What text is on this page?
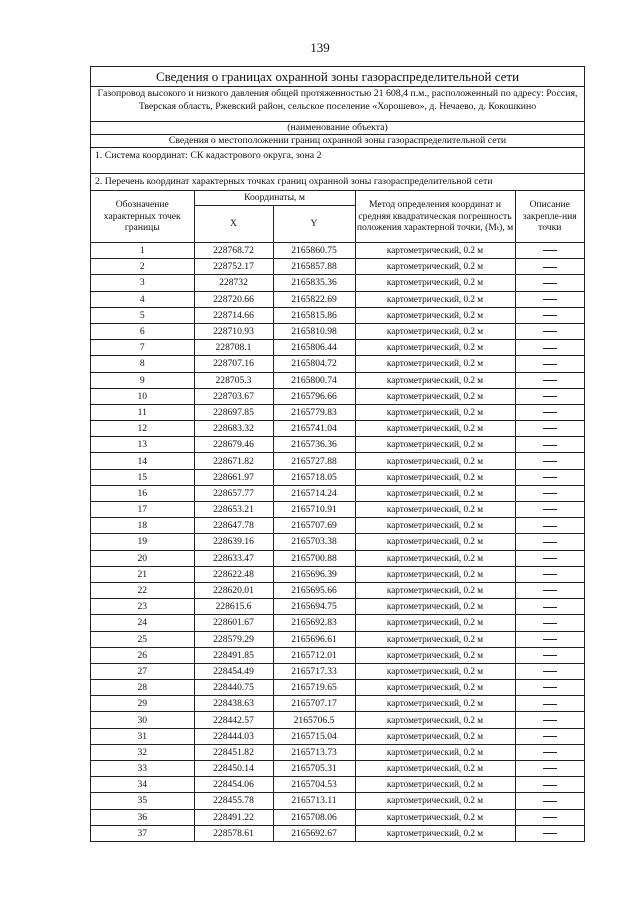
139
Сведения о границах охранной зоны газораспределительной сети
Газопровод высокого и низкого давления общей протяженностью 21 608,4 п.м., расположенный по адресу: Россия, Тверская область, Ржевский район, сельское поселение «Хорошево», д. Нечаево, д. Кокошкино
(наименование объекта)
Сведения о местоположении границ охранной зоны газораспределительной сети
1. Система координат: СК кадастрового округа, зона 2
2. Перечень координат характерных точках границ охранной зоны газораспределительной сети
Обозначение характерных точек границы	Координаты, м		Метод определения координат и средняя квадратическая погрешность положения характерной точки, (Mₜ), м	Описание закрепле-ния точки
	X	Y		
1	228768.72	2165860.75	картометрический, 0.2 м	
2	228752.17	2165857.88	картометрический, 0.2 м	
3	228732	2165835.36	картометрический, 0.2 м	
4	228720.66	2165822.69	картометрический, 0.2 м	
5	228714.66	2165815.86	картометрический, 0.2 м	
6	228710.93	2165810.98	картометрический, 0.2 м	
7	228708.1	2165806.44	картометрический, 0.2 м	
8	228707.16	2165804.72	картометрический, 0.2 м	
9	228705.3	2165800.74	картометрический, 0.2 м	
10	228703.67	2165796.66	картометрический, 0.2 м	
11	228697.85	2165779.83	картометрический, 0.2 м	
12	228683.32	2165741.04	картометрический, 0.2 м	
13	228679.46	2165736.36	картометрический, 0.2 м	
14	228671.82	2165727.88	картометрический, 0.2 м	
15	228661.97	2165718.05	картометрический, 0.2 м	
16	228657.77	2165714.24	картометрический, 0.2 м	
17	228653.21	2165710.91	картометрический, 0.2 м	
18	228647.78	2165707.69	картометрический, 0.2 м	
19	228639.16	2165703.38	картометрический, 0.2 м	
20	228633.47	2165700.88	картометрический, 0.2 м	
21	228622.48	2165696.39	картометрический, 0.2 м	
22	228620.01	2165695.66	картометрический, 0.2 м	
23	228615.6	2165694.75	картометрический, 0.2 м	
24	228601.67	2165692.83	картометрический, 0.2 м	
25	228579.29	2165696.61	картометрический, 0.2 м	
26	228491.85	2165712.01	картометрический, 0.2 м	
27	228454.49	2165717.33	картометрический, 0.2 м	
28	228440.75	2165719.65	картометрический, 0.2 м	
29	228438.63	2165707.17	картометрический, 0.2 м	
30	228442.57	2165706.5	картометрический, 0.2 м	
31	228444.03	2165715.04	картометрический, 0.2 м	
32	228451.82	2165713.73	картометрический, 0.2 м	
33	228450.14	2165705.31	картометрический, 0.2 м	
34	228454.06	2165704.53	картометрический, 0.2 м	
35	228455.78	2165713.11	картометрический, 0.2 м	
36	228491.22	2165708.06	картометрический, 0.2 м	
37	228578.61	2165692.67	картометрический, 0.2 м	
